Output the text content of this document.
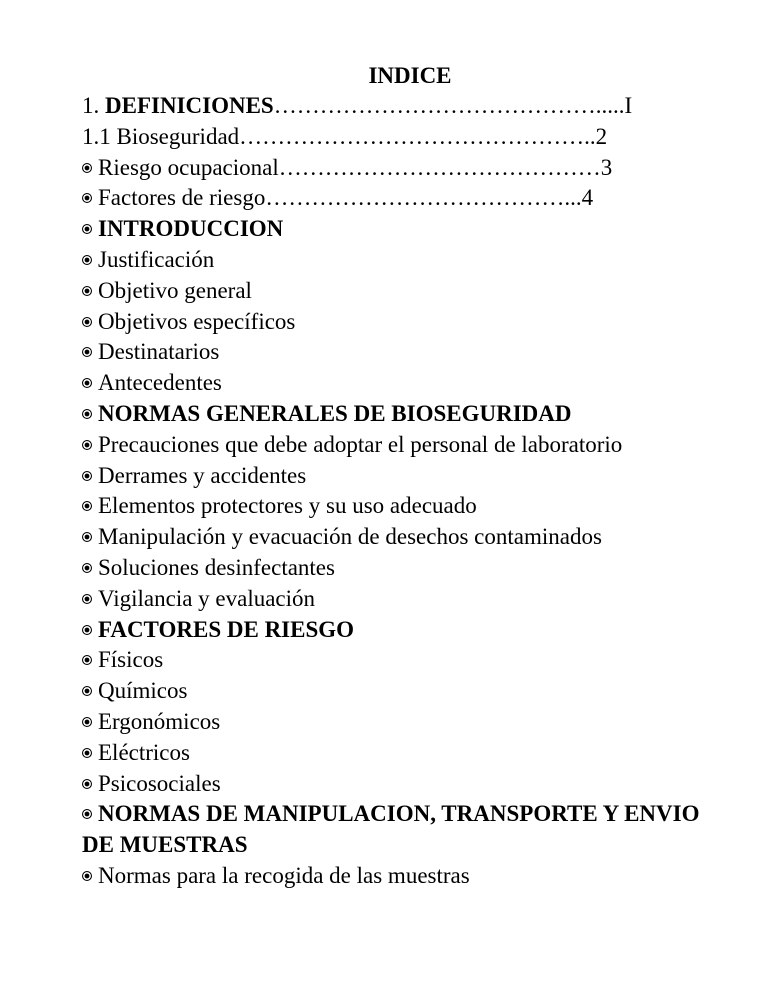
INDICE
1. DEFINICIONES…………………………………….....I
1.1 Bioseguridad………………………………………..2
Riesgo ocupacional……………………………………3
Factores de riesgo…………………………………...4
INTRODUCCION
Justificación
Objetivo general
Objetivos específicos
Destinatarios
Antecedentes
NORMAS GENERALES DE BIOSEGURIDAD
Precauciones que debe adoptar el personal de laboratorio
Derrames y accidentes
Elementos protectores y su uso adecuado
Manipulación y evacuación de desechos contaminados
Soluciones desinfectantes
Vigilancia y evaluación
FACTORES DE RIESGO
Físicos
Químicos
Ergonómicos
Eléctricos
Psicosociales
NORMAS DE MANIPULACION, TRANSPORTE Y ENVIO DE MUESTRAS
Normas para la recogida de las muestras
